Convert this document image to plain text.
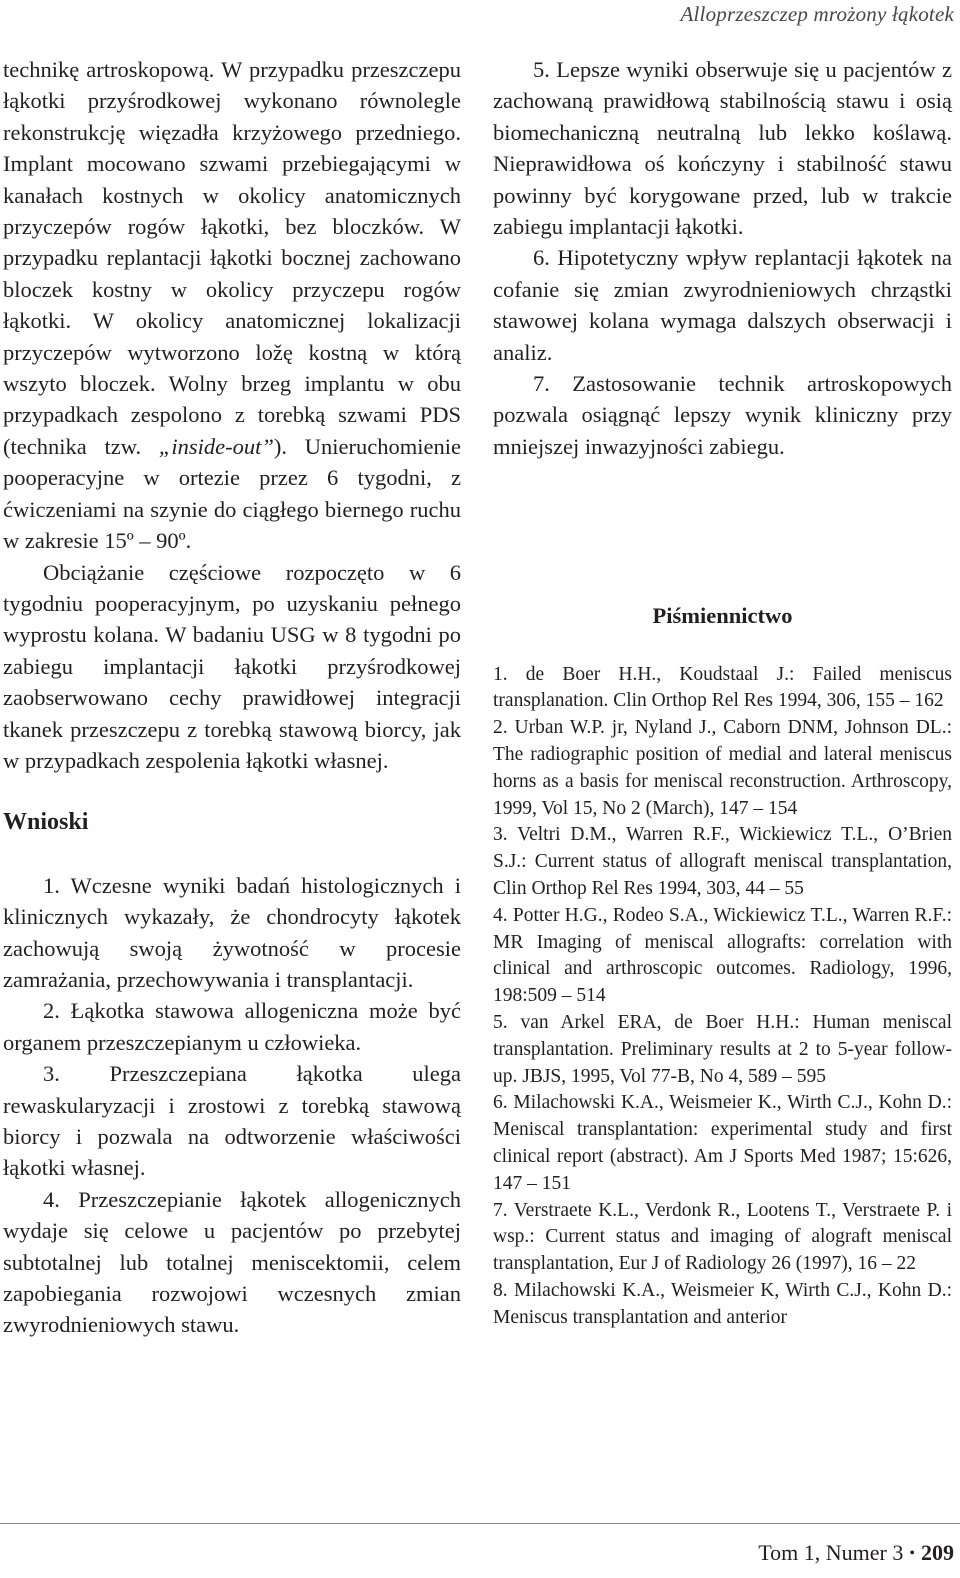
Alloprzeszczep mrożony łąkotek

technikę artroskopową. W przypadku przeszczepu łąkotki przyśrodkowej wykonano równolegle rekonstrukcję więzadła krzyżowego przedniego. Implant mocowano szwami przebiegającymi w kanałach kostnych w okolicy anatomicznych przyczepów rogów łąkotki, bez bloczków. W przypadku replantacji łąkotki bocznej zachowano bloczek kostny w okolicy przyczepu rogów łąkotki. W okolicy anatomicznej lokalizacji przyczepów wytworzono ložę kostną w którą wszyto bloczek. Wolny brzeg implantu w obu przypadkach zespolono z torebką szwami PDS (technika tzw. „inside-out”). Unieruchomienie pooperacyjne w ortezie przez 6 tygodni, z ćwiczeniami na szynie do ciągłego biernego ruchu w zakresie 15º – 90º.

Obciążanie częściowe rozpoczęto w 6 tygodniu pooperacyjnym, po uzyskaniu pełnego wyprostu kolana. W badaniu USG w 8 tygodni po zabiegu implantacji łąkotki przyśrodkowej zaobserwowano cechy prawidłowej integracji tkanek przeszczepu z torebką stawową biorcy, jak w przypadkach zespolenia łąkotki własnej.

Wnioski

1. Wczesne wyniki badań histologicznych i klinicznych wykazały, że chondrocyty łąkotek zachowują swoją żywotność w procesie zamrażania, przechowywania i transplantacji.

2. Łąkotka stawowa allogeniczna może być organem przeszczepianym u człowieka.

3. Przeszczepiana łąkotka ulega rewaskularyzacji i zrostowi z torebką stawową biorcy i pozwala na odtworzenie właściwości łąkotki własnej.

4. Przeszczepianie łąkotek allogenicznych wydaje się celowe u pacjentów po przebytej subtotalnej lub totalnej meniscektomii, celem zapobiegania rozwojowi wczesnych zmian zwyrodnieniowych stawu.

5. Lepsze wyniki obserwuje się u pacjentów z zachowaną prawidłową stabilnością stawu i osią biomechaniczną neutralną lub lekko koślawą. Nieprawidłowa oś kończyny i stabilność stawu powinny być korygowane przed, lub w trakcie zabiegu implantacji łąkotki.

6. Hipotetyczny wpływ replantacji łąkotek na cofanie się zmian zwyrodnieniowych chrząstki stawowej kolana wymaga dalszych obserwacji i analiz.

7. Zastosowanie technik artroskopowych pozwala osiągnąć lepszy wynik kliniczny przy mniejszej inwazyjności zabiegu.

Piśmiennictwo

1. de Boer H.H., Koudstaal J.: Failed meniscus transplanation. Clin Orthop Rel Res 1994, 306, 155 – 162

2. Urban W.P. jr, Nyland J., Caborn DNM, Johnson DL.: The radiographic position of medial and lateral meniscus horns as a basis for meniscal reconstruction. Arthroscopy, 1999, Vol 15, No 2 (March), 147 – 154

3. Veltri D.M., Warren R.F., Wickiewicz T.L., O’Brien S.J.: Current status of allograft meniscal transplantation, Clin Orthop Rel Res 1994, 303, 44 – 55

4. Potter H.G., Rodeo S.A., Wickiewicz T.L., Warren R.F.: MR Imaging of meniscal allografts: correlation with clinical and arthroscopic outcomes. Radiology, 1996, 198:509 – 514

5. van Arkel ERA, de Boer H.H.: Human meniscal transplantation. Preliminary results at 2 to 5-year follow-up. JBJS, 1995, Vol 77-B, No 4, 589 – 595

6. Milachowski K.A., Weismeier K., Wirth C.J., Kohn D.: Meniscal transplantation: experimental study and first clinical report (abstract). Am J Sports Med 1987; 15:626, 147 – 151

7. Verstraete K.L., Verdonk R., Lootens T., Verstraete P. i wsp.: Current status and imaging of alograft meniscal transplantation, Eur J of Radiology 26 (1997), 16 – 22

8. Milachowski K.A., Weismeier K, Wirth C.J., Kohn D.: Meniscus transplantation and anterior

Tom 1, Numer 3 • 209
